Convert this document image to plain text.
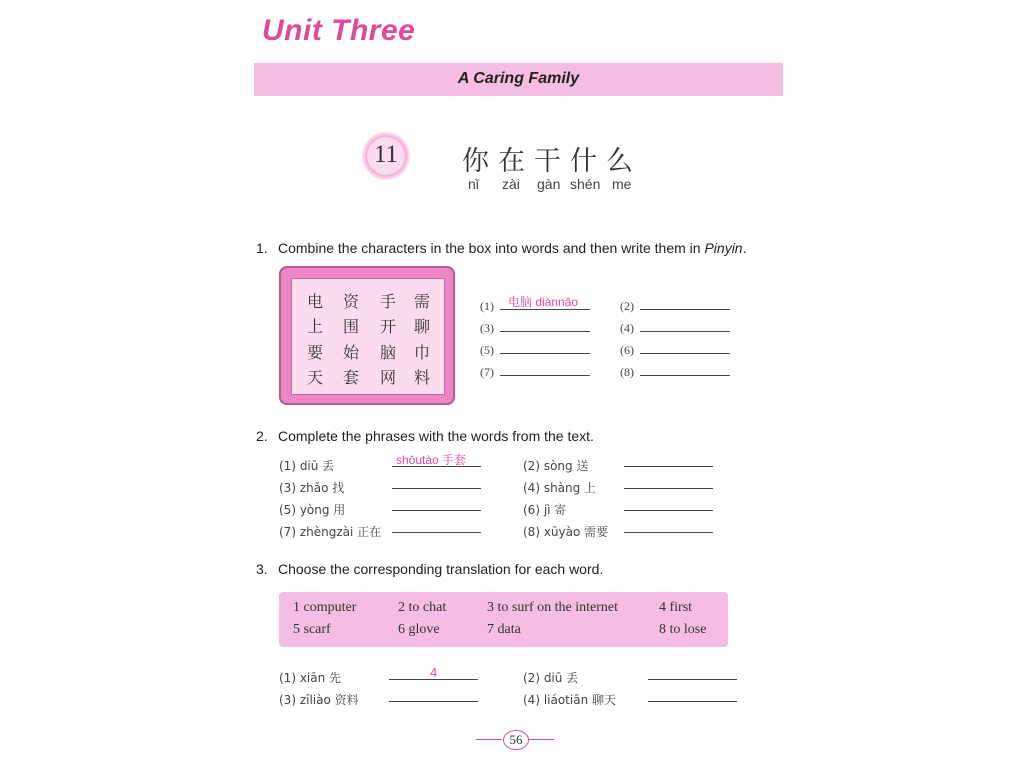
Unit Three
A Caring Family
11	你在干什么
nǐ zài gàn shén me
1. Combine the characters in the box into words and then write them in Pinyin.
电	资	手	需
上	围	开	聊
要	始	脑	巾
天	套	网	料
(1) 电脑 diànnǎo	(2)
(3)	(4)
(5)	(6)
(7)	(8)
2. Complete the phrases with the words from the text.
(1) diū 丢	shǒutào 手套	(2) sòng 送
(3) zhǎo 找	(4) shàng 上
(5) yòng 用	(6) jì 寄
(7) zhèngzài 正在	(8) xūyào 需要
3. Choose the corresponding translation for each word.
1 computer	2 to chat	3 to surf on the internet	4 first
5 scarf	6 glove	7 data	8 to lose
(1) xiān 先	4	(2) diū 丢
(3) zīliào 资料	(4) liáotiān 聊天
56
